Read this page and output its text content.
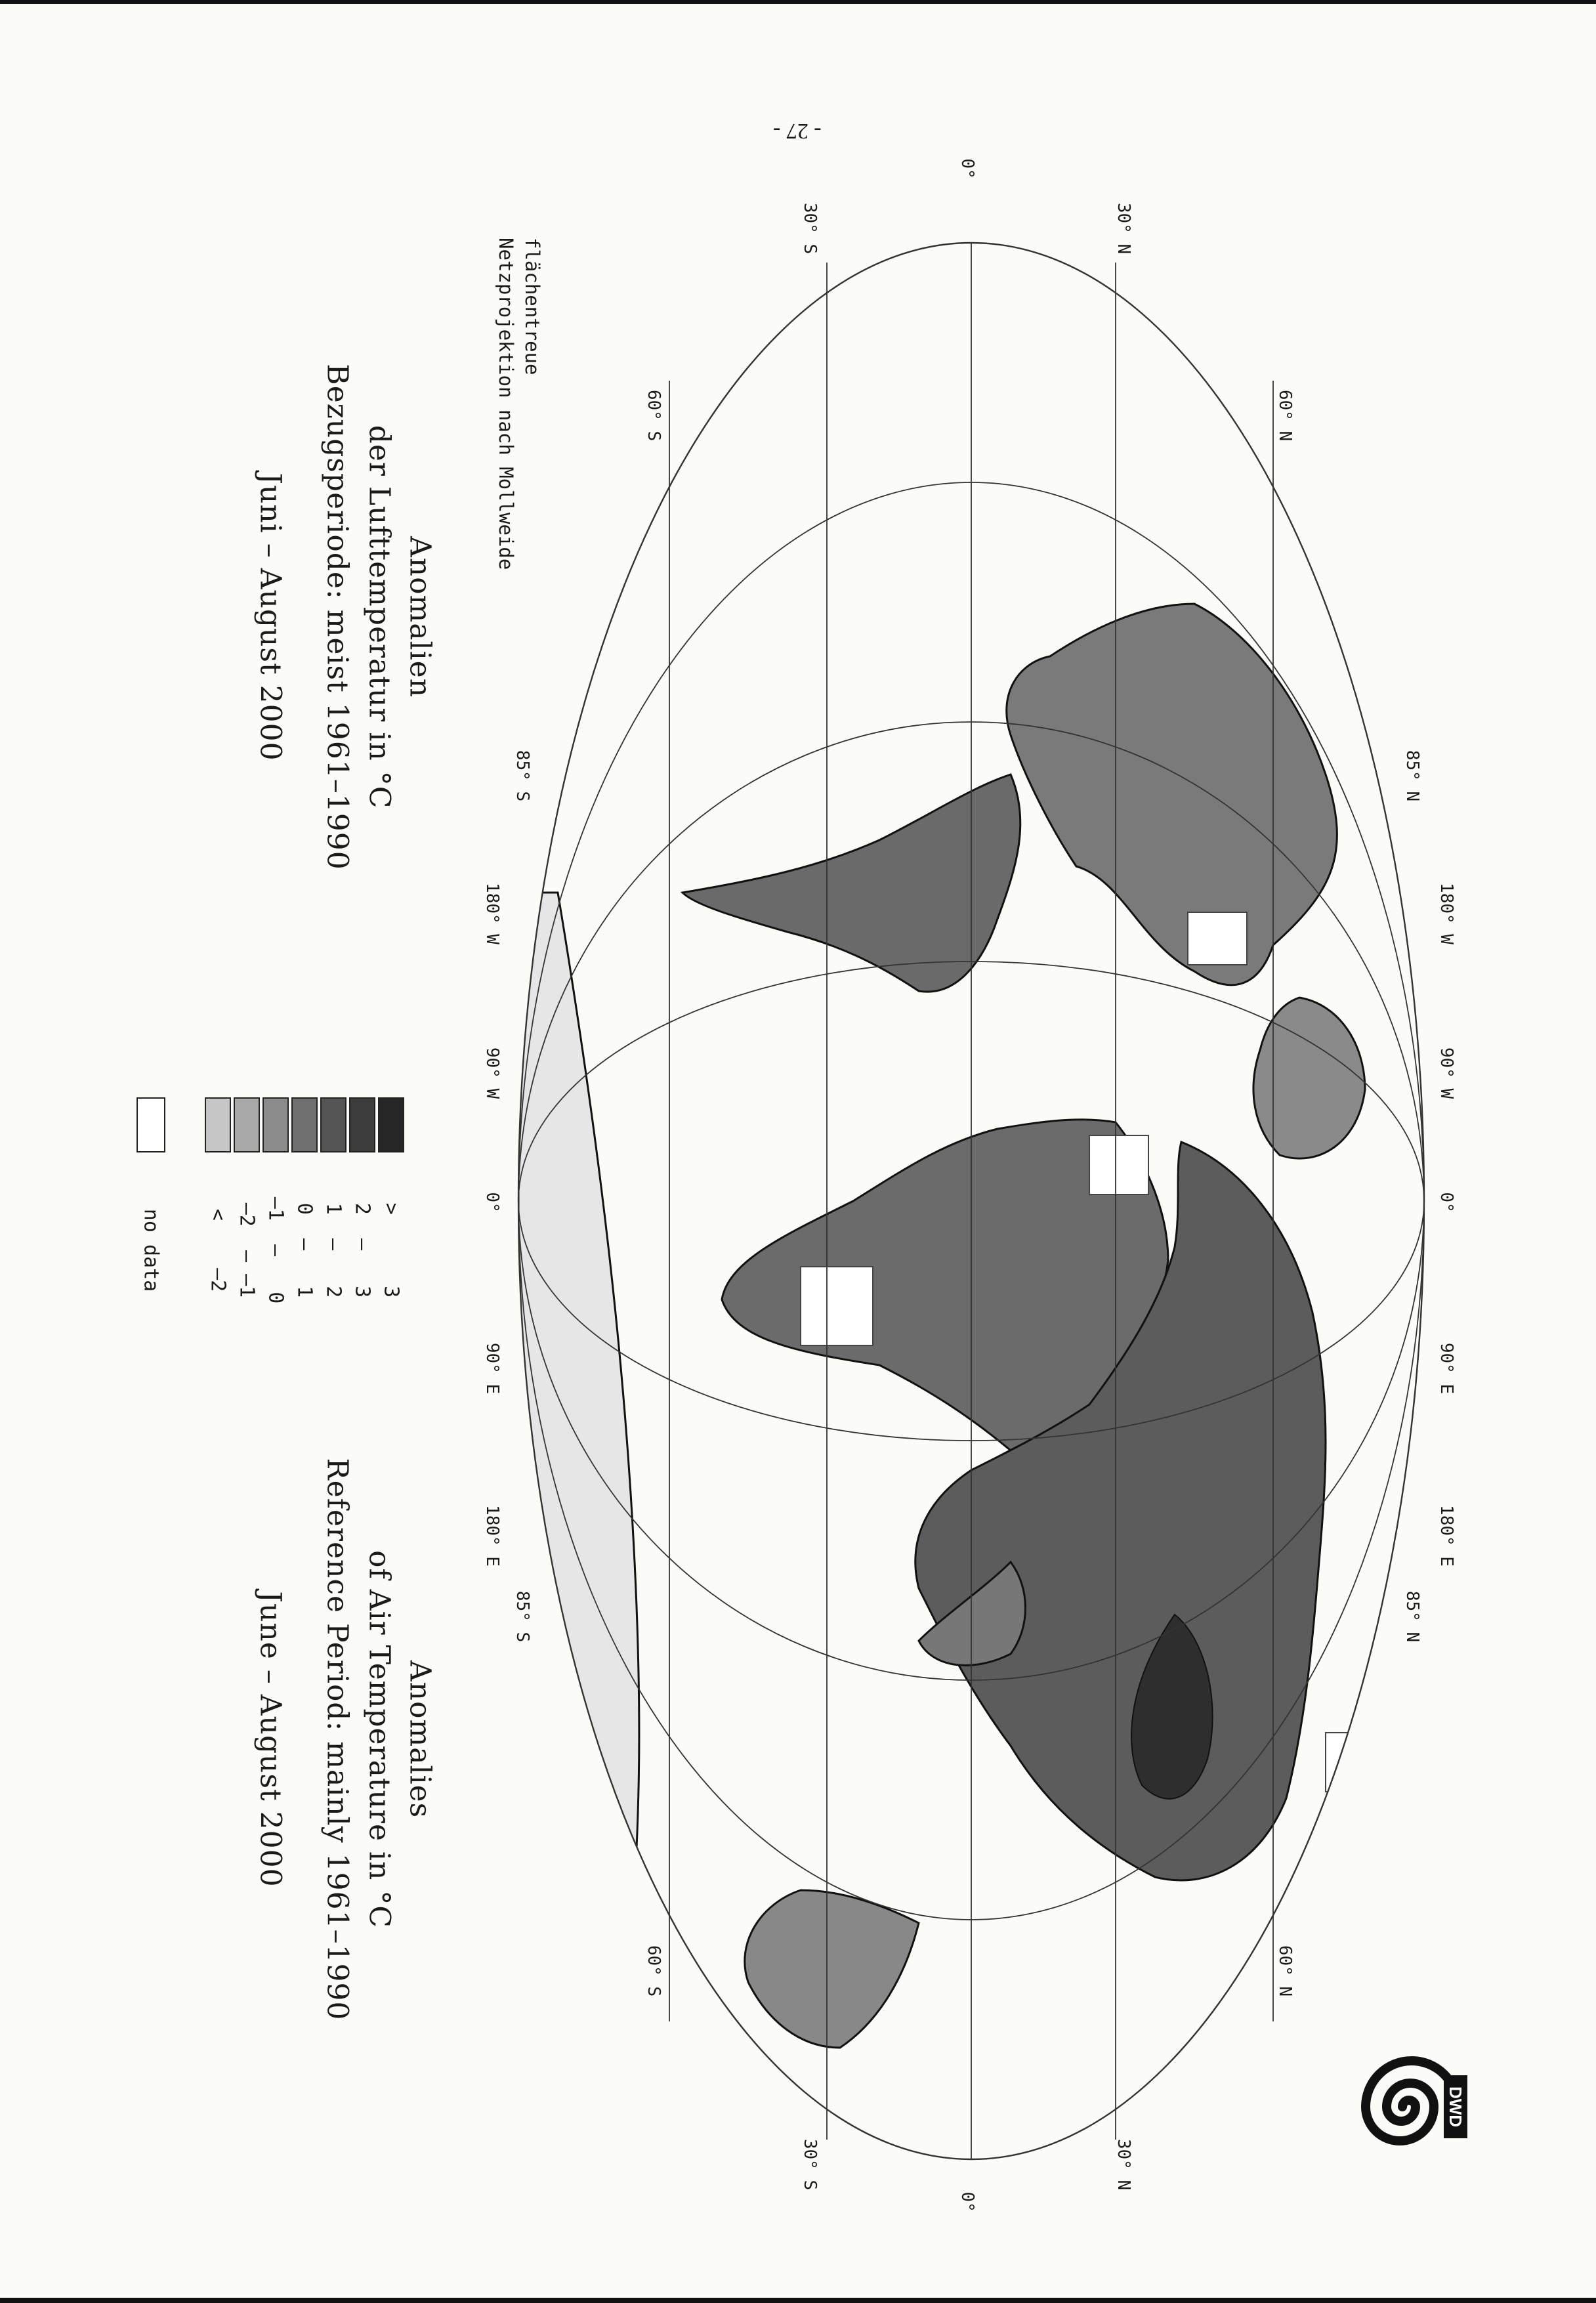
- 27 -
60° N
30° N
0°
30° S
60° S
60° N
30° N
0°
30° S
60° S
85° N
180° W
90° W
0°
90° E
180° E
85° N
85° S
180° W
90° W
0°
90° E
180° E
85° S
flächentreue
Netzprojektion nach Mollweide
Anomalien
der Lufttemperatur in °C
Bezugsperiode: meist 1961–1990
Juni – August 2000
Anomalies
of Air Temperature in °C
Reference Period: mainly 1961–1990
June – August 2000
>      3
2  –   3
1  –   2
0  –   1
–1  –   0
–2  – –1
<    –2
no data
DWD
